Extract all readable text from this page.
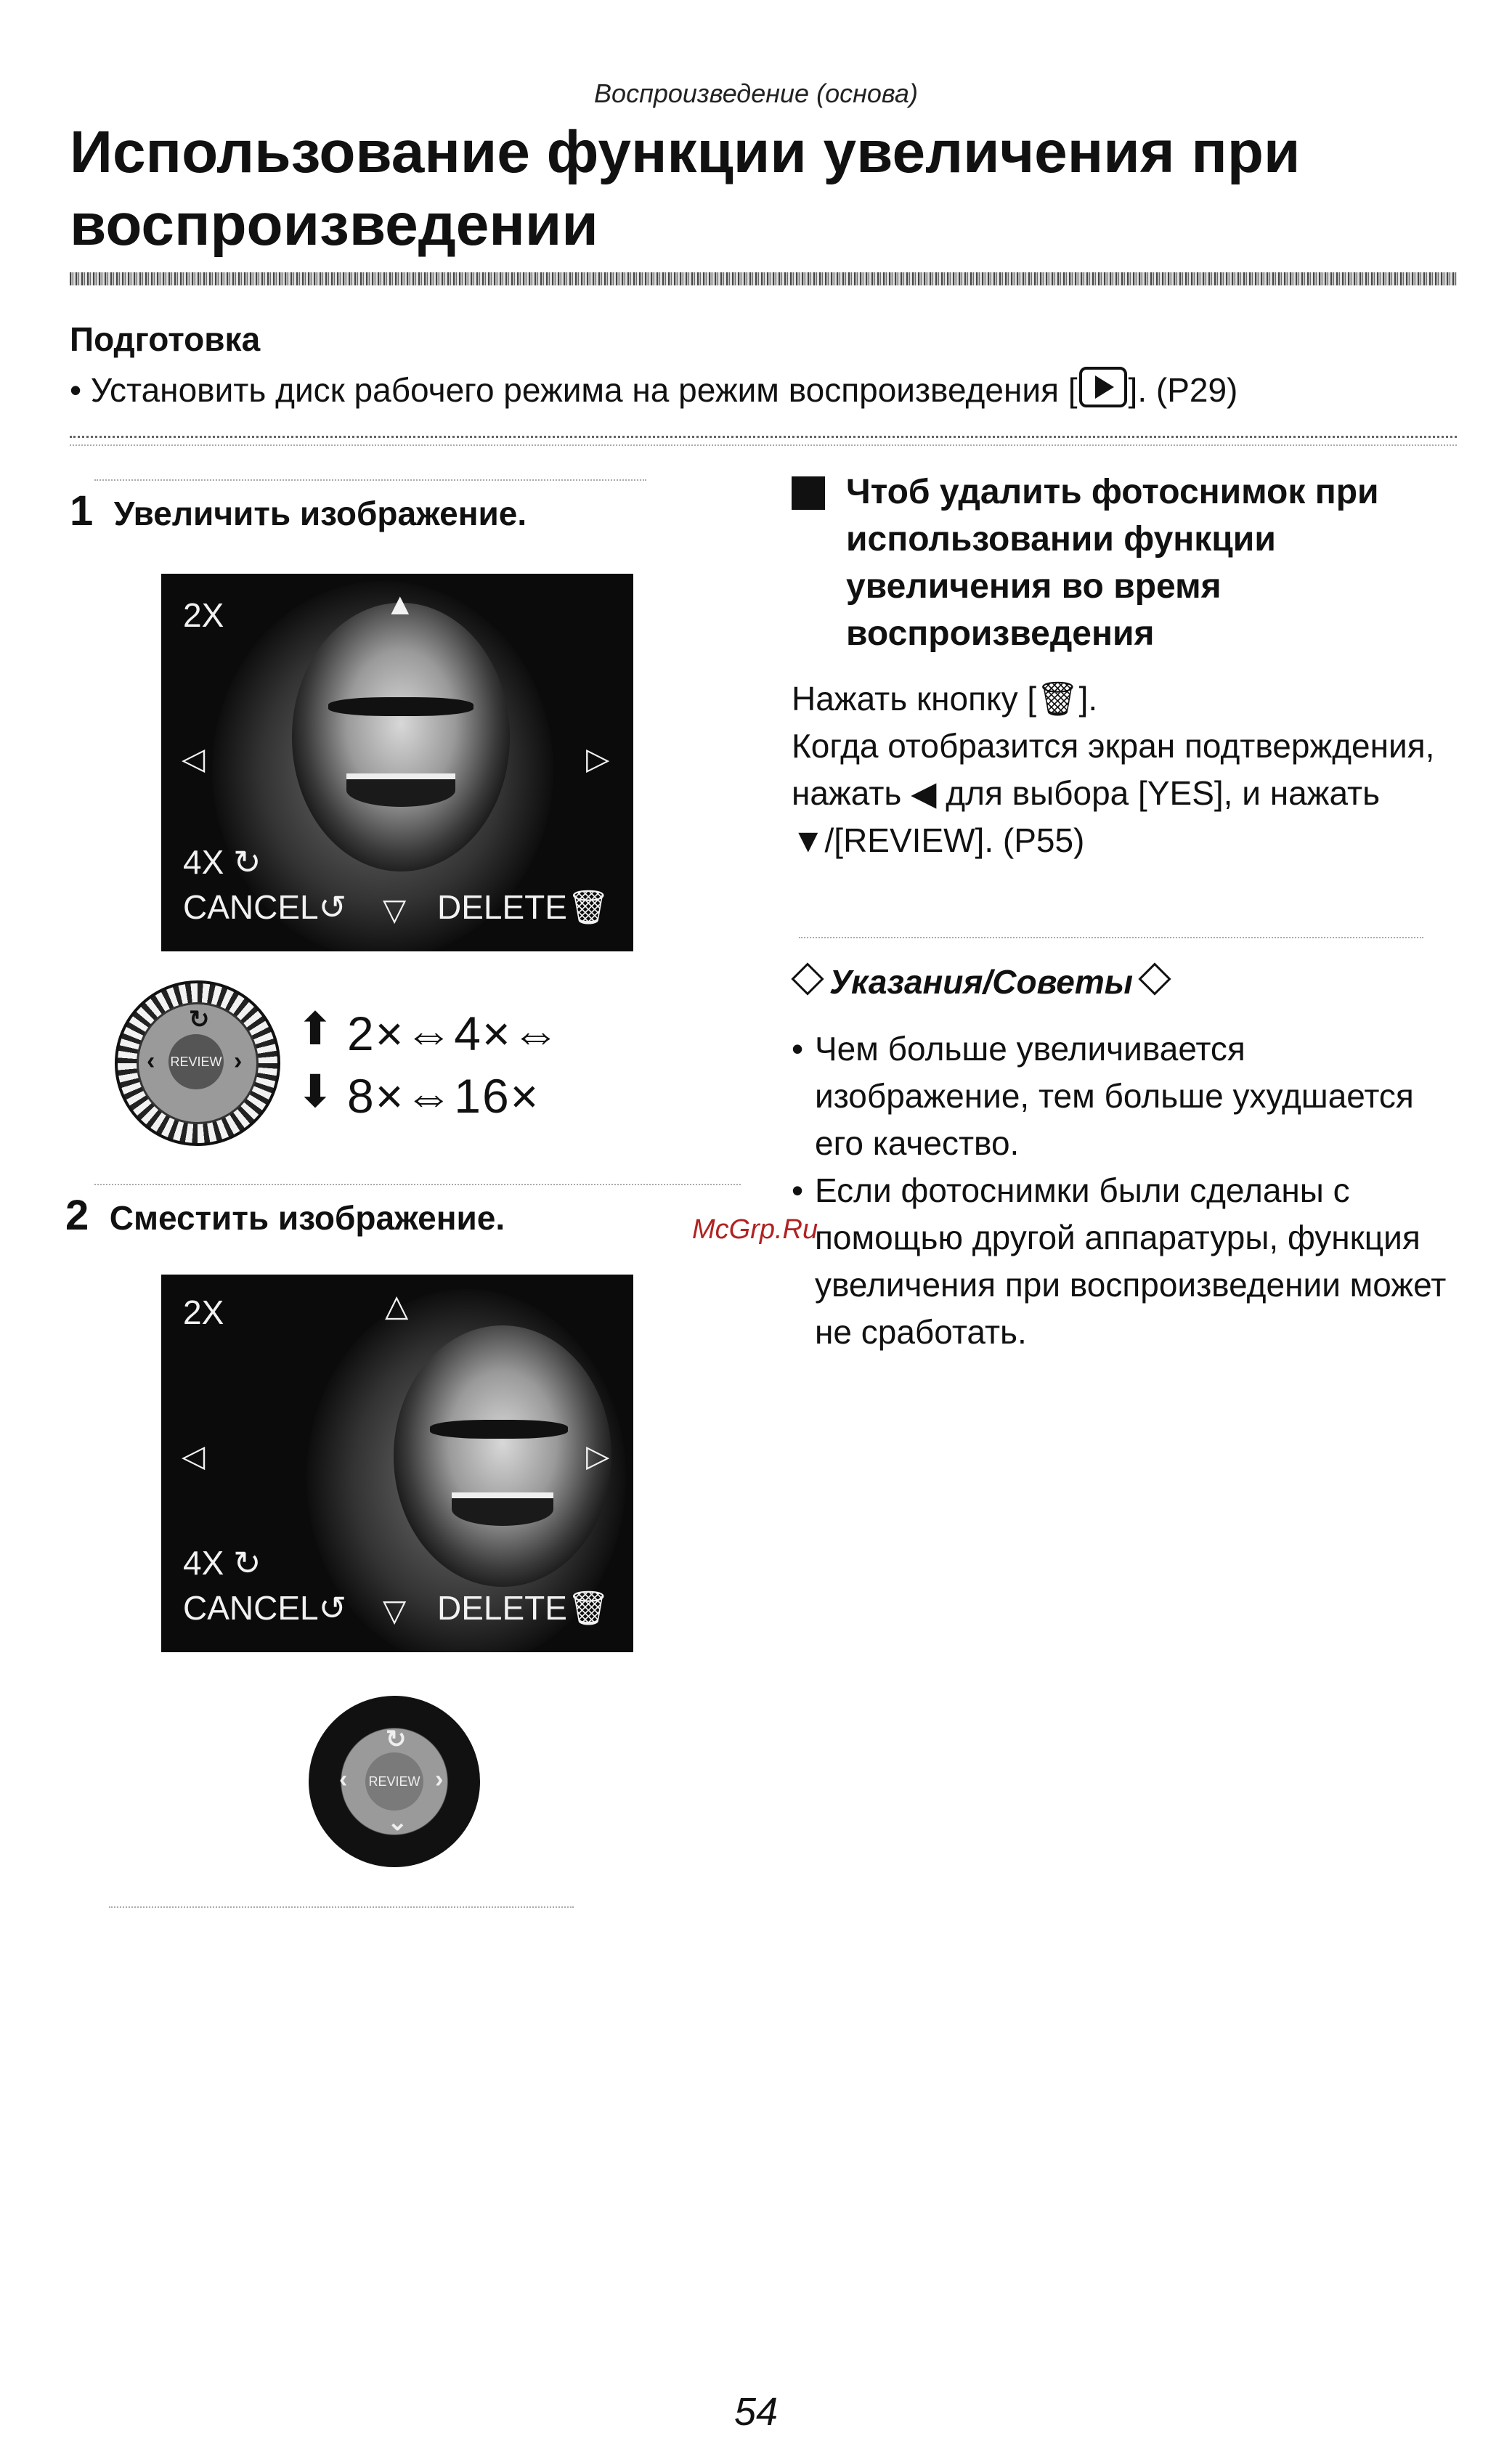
Воспроизведение (основа)
Использование функции увеличения при
воспроизведении
Подготовка
• Установить диск рабочего режима на режим воспроизведения [ ]. (P29)
1 Увеличить изображение.
2X	▲
◁	▷
4X ↻
CANCEL↺ ▽ DELETE🗑
REVIEW
↻
‹	›
⬆
⬇
2×⇔4×⇔
8×⇔16×
2 Сместить изображение.
2X	△
◁	▷
4X ↻
CANCEL↺ ▽ DELETE🗑
REVIEW
↻
‹	›
⌄
Чтоб удалить фотоснимок при использовании функции увеличения во время воспроизведения
Нажать кнопку [🗑].
Когда отобразится экран подтверждения, нажать ◀ для выбора [YES], и нажать ▼/[REVIEW]. (P55)
Указания/Советы
• Чем больше увеличивается изображение, тем больше ухудшается его качество.
• Если фотоснимки были сделаны с помощью другой аппаратуры, функция увеличения при воспроизведении может не сработать.
McGrp.Ru
54
